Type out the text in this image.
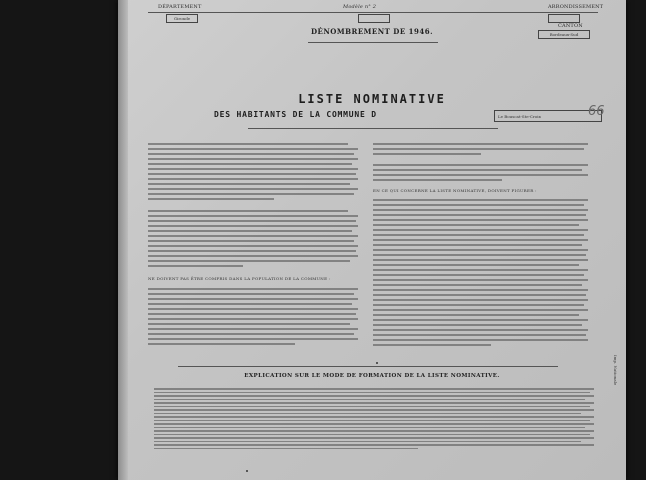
DÉPARTEMENT	Modèle n° 2	ARRONDISSEMENT
Gironde
CANTON
Bordeaux-Sud
DÉNOMBREMENT DE 1946.
LISTE NOMINATIVE
DES HABITANTS DE LA COMMUNE D	Le Bouscat-Ste-Croix	66
NE DOIVENT PAS ÊTRE COMPRIS DANS LA POPULATION DE LA COMMUNE :
EN CE QUI CONCERNE LA LISTE NOMINATIVE, DOIVENT FIGURER :
EXPLICATION SUR LE MODE DE FORMATION DE LA LISTE NOMINATIVE.	Imp. Nationale
